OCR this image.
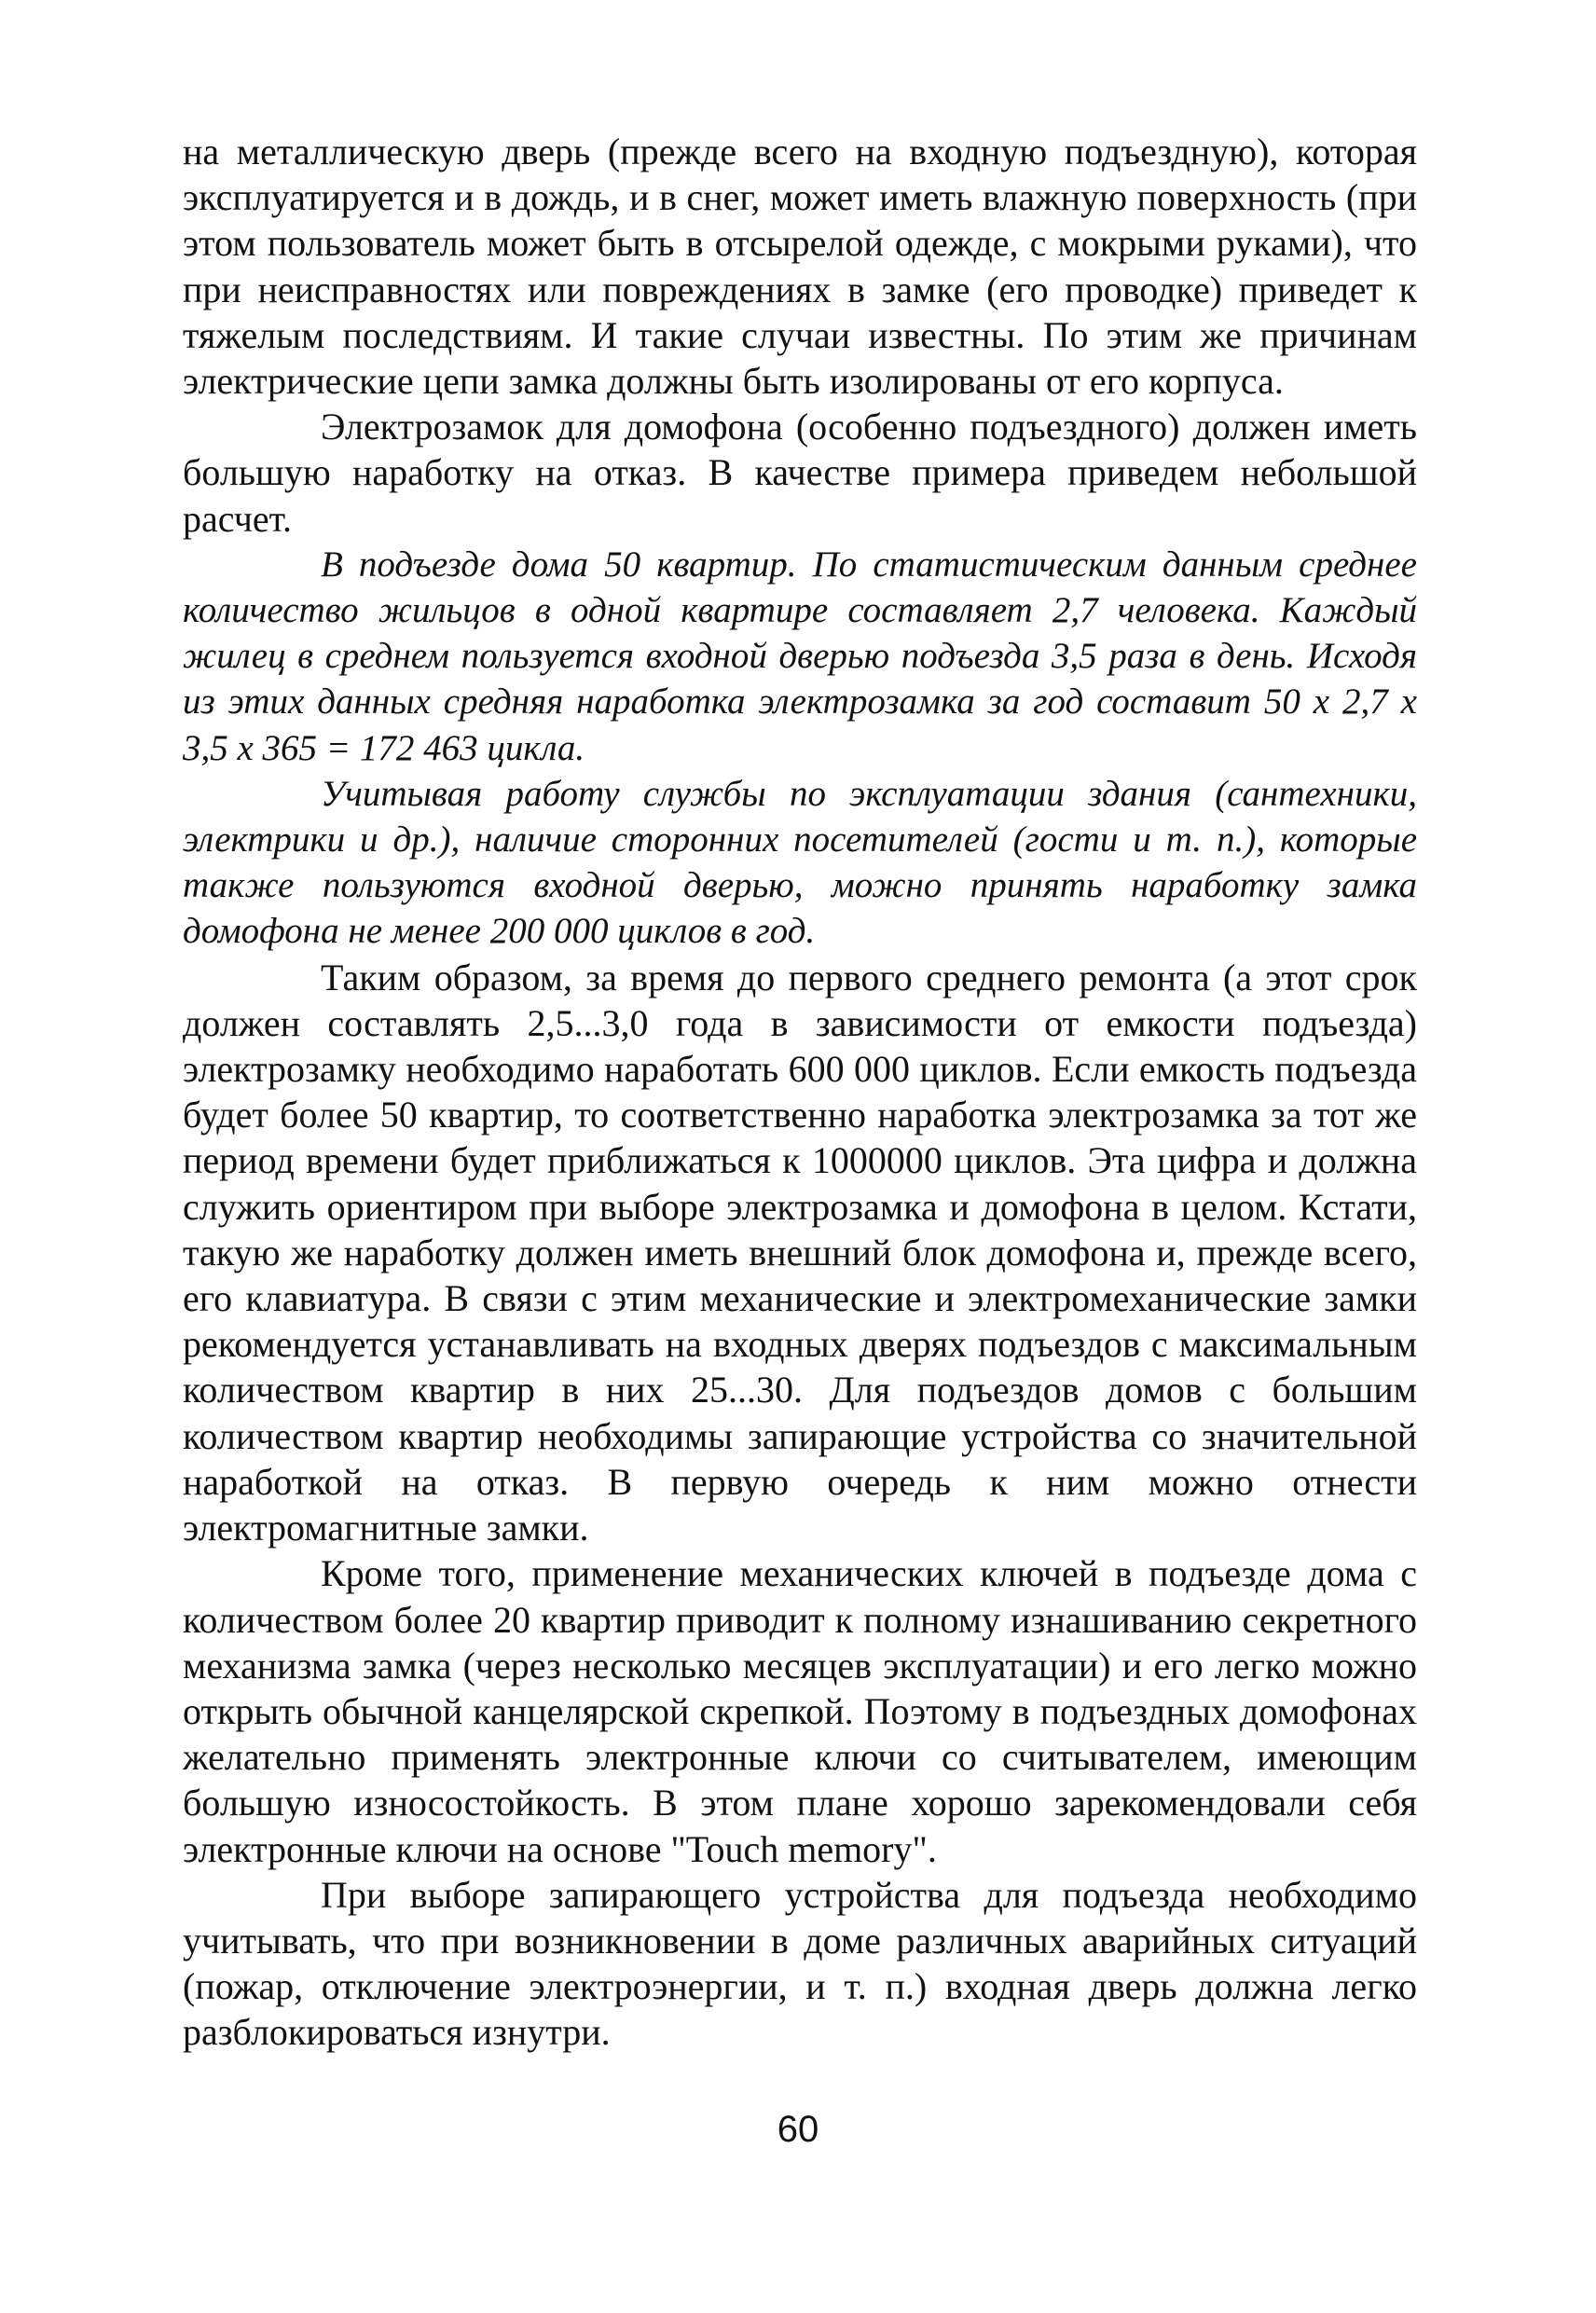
на металлическую дверь (прежде всего на входную подъездную), которая эксплуатируется и в дождь, и в снег, может иметь влажную поверхность (при этом пользователь может быть в отсырелой одежде, с мокрыми руками), что при неисправностях или повреждениях в замке (его проводке) приведет к тяжелым последствиям. И такие случаи известны. По этим же причинам электрические цепи замка должны быть изолированы от его корпуса.

Электрозамок для домофона (особенно подъездного) должен иметь большую наработку на отказ. В качестве примера приведем небольшой расчет.

В подъезде дома 50 квартир. По статистическим данным среднее количество жильцов в одной квартире составляет 2,7 человека. Каждый жилец в среднем пользуется входной дверью подъезда 3,5 раза в день. Исходя из этих данных средняя наработка электрозамка за год составит 50 x 2,7 x 3,5 x 365 = 172 463 цикла.

Учитывая работу службы по эксплуатации здания (сантехники, электрики и др.), наличие сторонних посетителей (гости и т. п.), которые также пользуются входной дверью, можно принять наработку замка домофона не менее 200 000 циклов в год.

Таким образом, за время до первого среднего ремонта (а этот срок должен составлять 2,5...3,0 года в зависимости от емкости подъезда) электрозамку необходимо наработать 600 000 циклов. Если емкость подъезда будет более 50 квартир, то соответственно наработка электрозамка за тот же период времени будет приближаться к 1000000 циклов. Эта цифра и должна служить ориентиром при выборе электрозамка и домофона в целом. Кстати, такую же наработку должен иметь внешний блок домофона и, прежде всего, его клавиатура. В связи с этим механические и электромеханические замки рекомендуется устанавливать на входных дверях подъездов с максимальным количеством квартир в них 25...30. Для подъездов домов с большим количеством квартир необходимы запирающие устройства со значительной наработкой на отказ. В первую очередь к ним можно отнести электромагнитные замки.

Кроме того, применение механических ключей в подъезде дома с количеством более 20 квартир приводит к полному изнашиванию секретного механизма замка (через несколько месяцев эксплуатации) и его легко можно открыть обычной канцелярской скрепкой. Поэтому в подъездных домофонах желательно применять электронные ключи со считывателем, имеющим большую износостойкость. В этом плане хорошо зарекомендовали себя электронные ключи на основе "Touch memory".

При выборе запирающего устройства для подъезда необходимо учитывать, что при возникновении в доме различных аварийных ситуаций (пожар, отключение электроэнергии, и т. п.) входная дверь должна легко разблокироваться изнутри.

60
